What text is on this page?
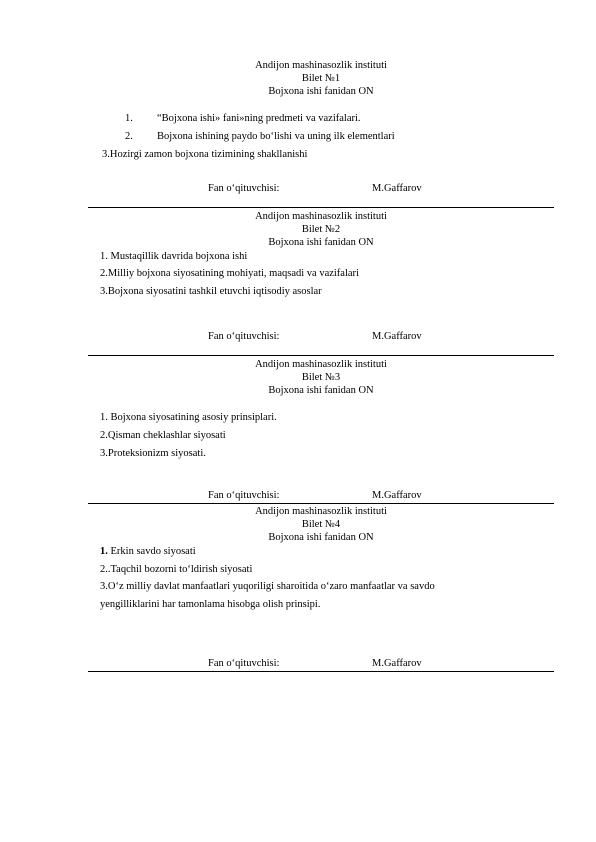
Andijon mashinasozlik instituti
Bilet №1
Bojxona ishi fanidan ON
1. “Bojxona ishi» fani»ning predmeti va vazifalari.
2. Bojxona ishining paydo bo‘lishi va uning ilk elementlari
3.Hozirgi zamon bojxona tizimining shakllanishi
Fan o‘qituvchisi:	M.Gaffarov
Andijon mashinasozlik instituti
Bilet №2
Bojxona ishi fanidan ON
1. Mustaqillik davrida bojxona ishi
2.Milliy bojxona siyosatining mohiyati, maqsadi va vazifalari
3.Bojxona siyosatini tashkil etuvchi iqtisodiy asoslar
Fan o‘qituvchisi:	M.Gaffarov
Andijon mashinasozlik instituti
Bilet №3
Bojxona ishi fanidan ON
1. Bojxona siyosatining asosiy prinsiplari.
2.Qisman cheklashlar siyosati
3.Proteksionizm siyosati.
Fan o‘qituvchisi:	M.Gaffarov
Andijon mashinasozlik instituti
Bilet №4
Bojxona ishi fanidan ON
1. Erkin savdo siyosati
2..Taqchil bozorni to‘ldirish siyosati
3.O‘z milliy davlat manfaatlari yuqoriligi sharoitida o‘zaro manfaatlar va savdo
yengilliklarini har tamonlama hisobga olish prinsipi.
Fan o‘qituvchisi:	M.Gaffarov
